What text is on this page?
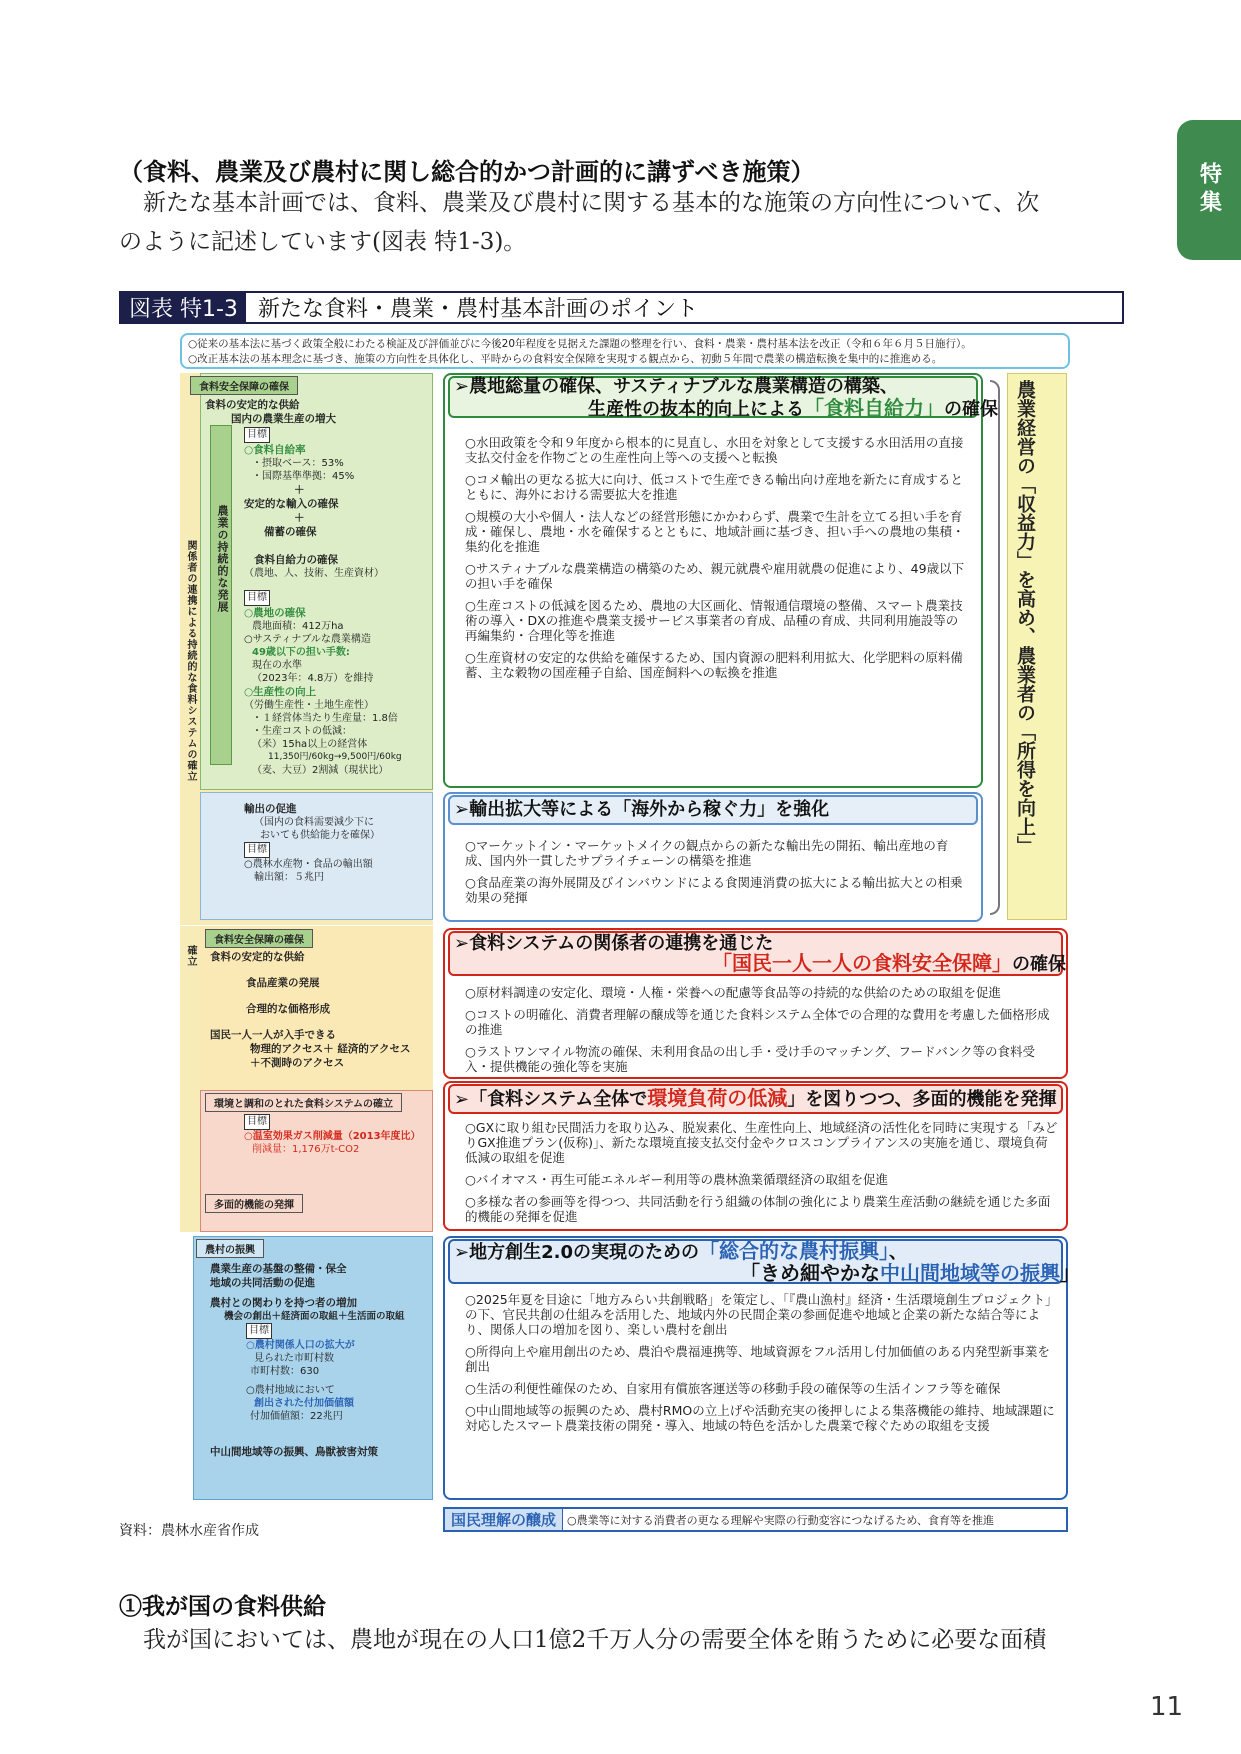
特集
（食料、農業及び農村に関し総合的かつ計画的に講ずべき施策）
新たな基本計画では、食料、農業及び農村に関する基本的な施策の方向性について、次
のように記述しています(図表 特1-3)。
図表 特1-3 新たな食料・農業・農村基本計画のポイント
○従来の基本法に基づく政策全般にわたる検証及び評価並びに今後20年程度を見据えた課題の整理を行い、食料・農業・農村基本法を改正（令和６年６月５日施行）。
○改正基本法の基本理念に基づき、施策の方向性を具体化し、平時からの食料安全保障を実現する観点から、初動５年間で農業の構造転換を集中的に推進める。
関係者の連携による持続的な食料システムの確立
食料安全保障の確保
農業の持続的な発展
食料の安定的な供給
国内の農業生産の増大
目標
○食料自給率
・摂取ベース：53%
・国際基準準拠：45%
＋
安定的な輸入の確保
＋
備蓄の確保
食料自給力の確保
（農地、人、技術、生産資材）
目標
○農地の確保
農地面積：412万ha
○サスティナブルな農業構造
49歳以下の担い手数:
現在の水準
（2023年：4.8万）を維持
○生産性の向上
（労働生産性・土地生産性）
・１経営体当たり生産量：1.8倍
・生産コストの低減：
（米）15ha以上の経営体
11,350円/60kg→9,500円/60kg
（麦、大豆）2割減（現状比）
輸出の促進
（国内の食料需要減少下に
おいても供給能力を確保）
目標
○農林水産物・食品の輸出額
輸出額：５兆円
➢農地総量の確保、サスティナブルな農業構造の構築、
生産性の抜本的向上による「食料自給力」の確保
○水田政策を令和９年度から根本的に見直し、水田を対象として支援する水田活用の直接支払交付金を作物ごとの生産性向上等への支援へと転換
○コメ輸出の更なる拡大に向け、低コストで生産できる輸出向け産地を新たに育成するとともに、海外における需要拡大を推進
○規模の大小や個人・法人などの経営形態にかかわらず、農業で生計を立てる担い手を育成・確保し、農地・水を確保するとともに、地域計画に基づき、担い手への農地の集積・集約化を推進
○サスティナブルな農業構造の構築のため、親元就農や雇用就農の促進により、49歳以下の担い手を確保
○生産コストの低減を図るため、農地の大区画化、情報通信環境の整備、スマート農業技術の導入・DXの推進や農業支援サービス事業者の育成、品種の育成、共同利用施設等の再編集約・合理化等を推進
○生産資材の安定的な供給を確保するため、国内資源の肥料利用拡大、化学肥料の原料備蓄、主な穀物の国産種子自給、国産飼料への転換を推進
➢輸出拡大等による「海外から稼ぐ力」を強化
○マーケットイン・マーケットメイクの観点からの新たな輸出先の開拓、輸出産地の育成、国内外一貫したサプライチェーンの構築を推進
○食品産業の海外展開及びインバウンドによる食関連消費の拡大による輸出拡大との相乗効果の発揮
農業経営の「収益力」を高め、農業者の「所得を向上」
確立
食料安全保障の確保
食料の安定的な供給
食品産業の発展
合理的な価格形成
国民一人一人が入手できる
物理的アクセス＋ 経済的アクセス
＋不測時のアクセス
環境と調和のとれた食料システムの確立
目標
○温室効果ガス削減量（2013年度比）
削減量：1,176万t-CO2
多面的機能の発揮
➢食料システムの関係者の連携を通じた
「国民一人一人の食料安全保障」の確保
○原材料調達の安定化、環境・人権・栄養への配慮等食品等の持続的な供給のための取組を促進
○コストの明確化、消費者理解の醸成等を通じた食料システム全体での合理的な費用を考慮した価格形成の推進
○ラストワンマイル物流の確保、未利用食品の出し手・受け手のマッチング、フードバンク等の食料受入・提供機能の強化等を実施
➢「食料システム全体で環境負荷の低減」を図りつつ、多面的機能を発揮
○GXに取り組む民間活力を取り込み、脱炭素化、生産性向上、地域経済の活性化を同時に実現する「みどりGX推進プラン(仮称)」、新たな環境直接支払交付金やクロスコンプライアンスの実施を通じ、環境負荷低減の取組を促進
○バイオマス・再生可能エネルギー利用等の農林漁業循環経済の取組を促進
○多様な者の参画等を得つつ、共同活動を行う組織の体制の強化により農業生産活動の継続を通じた多面的機能の発揮を促進
農村の振興
農業生産の基盤の整備・保全
地域の共同活動の促進
農村との関わりを持つ者の増加
機会の創出＋経済面の取組＋生活面の取組
目標
○農村関係人口の拡大が
見られた市町村数
市町村数：630
○農村地域において
創出された付加価値額
付加価値額：22兆円
中山間地域等の振興、鳥獣被害対策
➢地方創生2.0の実現のための「総合的な農村振興」、
「きめ細やかな中山間地域等の振興」
○2025年夏を目途に「地方みらい共創戦略」を策定し、「『農山漁村』経済・生活環境創生プロジェクト」の下、官民共創の仕組みを活用した、地域内外の民間企業の参画促進や地域と企業の新たな結合等により、関係人口の増加を図り、楽しい農村を創出
○所得向上や雇用創出のため、農泊や農福連携等、地域資源をフル活用し付加価値のある内発型新事業を創出
○生活の利便性確保のため、自家用有償旅客運送等の移動手段の確保等の生活インフラ等を確保
○中山間地域等の振興のため、農村RMOの立上げや活動充実の後押しによる集落機能の維持、地域課題に対応したスマート農業技術の開発・導入、地域の特色を活かした農業で稼ぐための取組を支援
国民理解の醸成	○農業等に対する消費者の更なる理解や実際の行動変容につなげるため、食育等を推進
資料：農林水産省作成
①我が国の食料供給
我が国においては、農地が現在の人口1億2千万人分の需要全体を賄うために必要な面積
11
